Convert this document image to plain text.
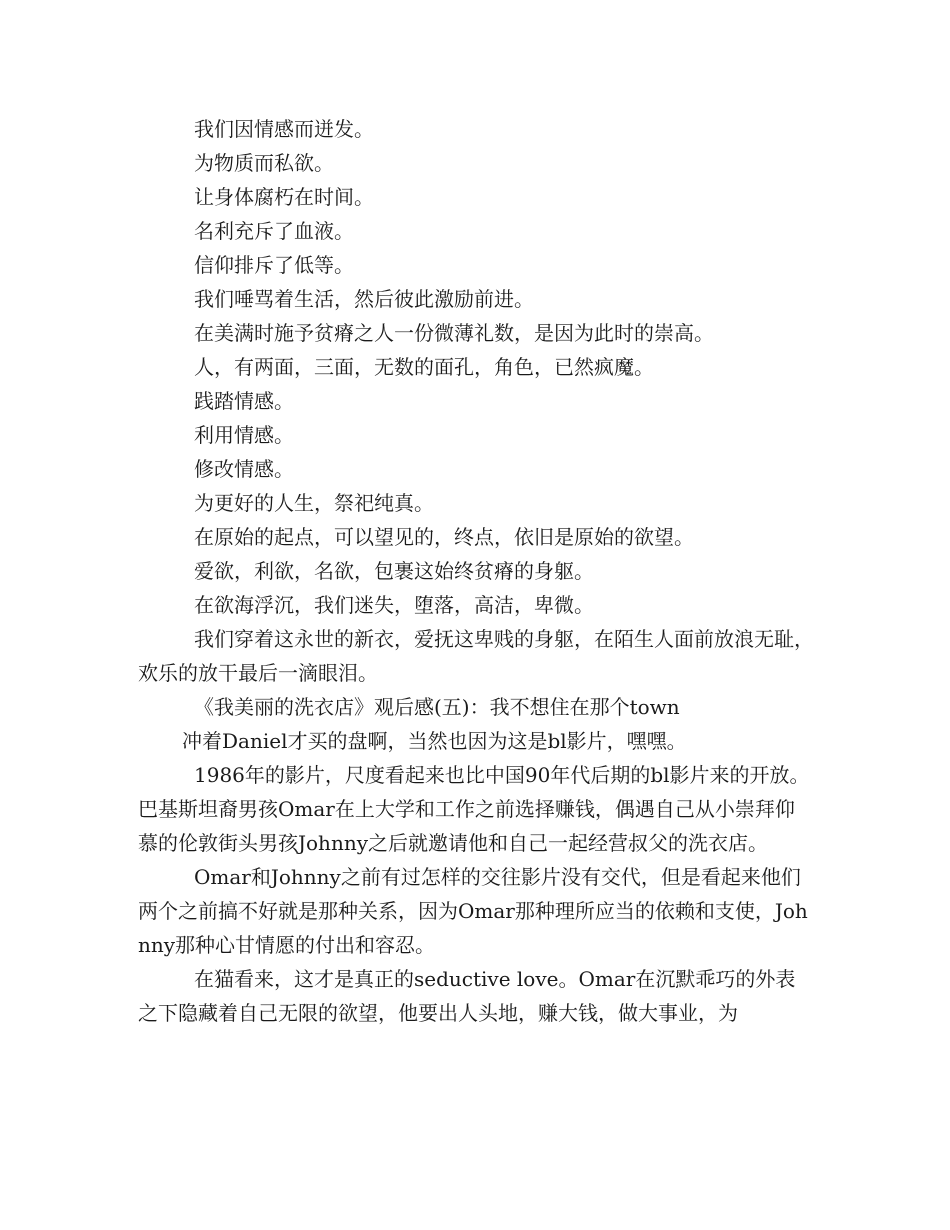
我们因情感而迸发。

为物质而私欲。

让身体腐朽在时间。

名利充斥了血液。

信仰排斥了低等。

我们唾骂着生活，然后彼此激励前进。

在美满时施予贫瘠之人一份微薄礼数，是因为此时的崇高。

人，有两面，三面，无数的面孔，角色，已然疯魔。

践踏情感。

利用情感。

修改情感。

为更好的人生，祭祀纯真。

在原始的起点，可以望见的，终点，依旧是原始的欲望。

爱欲，利欲，名欲，包裹这始终贫瘠的身躯。

在欲海浮沉，我们迷失，堕落，高洁，卑微。

我们穿着这永世的新衣，爱抚这卑贱的身躯，在陌生人面前放浪无耻，欢乐的放干最后一滴眼泪。

《我美丽的洗衣店》观后感(五)：我不想住在那个town

冲着Daniel才买的盘啊，当然也因为这是bl影片，嘿嘿。

1986年的影片，尺度看起来也比中国90年代后期的bl影片来的开放。巴基斯坦裔男孩Omar在上大学和工作之前选择赚钱，偶遇自己从小崇拜仰慕的伦敦街头男孩Johnny之后就邀请他和自己一起经营叔父的洗衣店。

Omar和Johnny之前有过怎样的交往影片没有交代，但是看起来他们两个之前搞不好就是那种关系，因为Omar那种理所应当的依赖和支使，Johnny那种心甘情愿的付出和容忍。

在猫看来，这才是真正的seductive love。Omar在沉默乖巧的外表之下隐藏着自己无限的欲望，他要出人头地，赚大钱，做大事业，为
